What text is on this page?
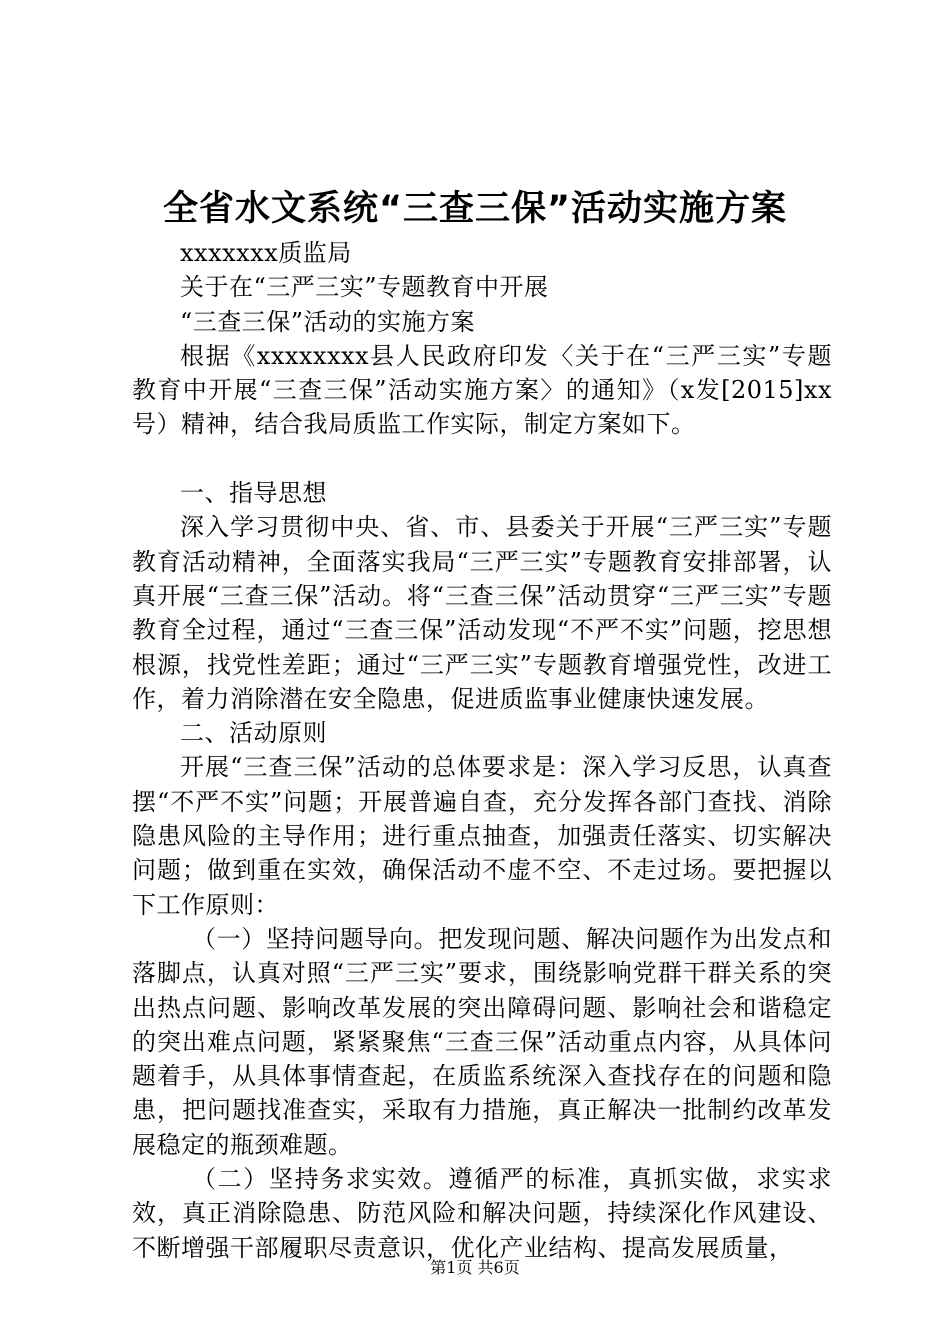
全省水文系统“三查三保”活动实施方案

xxxxxxx质监局

关于在“三严三实”专题教育中开展

“三查三保”活动的实施方案

根据《xxxxxxxx县人民政府印发〈关于在“三严三实”专题教育中开展“三查三保”活动实施方案〉的通知》（x发[2015]xx号）精神，结合我局质监工作实际，制定方案如下。

一、指导思想

深入学习贯彻中央、省、市、县委关于开展“三严三实”专题教育活动精神，全面落实我局“三严三实”专题教育安排部署，认真开展“三查三保”活动。将“三查三保”活动贯穿“三严三实”专题教育全过程，通过“三查三保”活动发现“不严不实”问题，挖思想根源，找党性差距；通过“三严三实”专题教育增强党性，改进工作，着力消除潜在安全隐患，促进质监事业健康快速发展。

二、活动原则

开展“三查三保”活动的总体要求是：深入学习反思，认真查摆“不严不实”问题；开展普遍自查，充分发挥各部门查找、消除隐患风险的主导作用；进行重点抽查，加强责任落实、切实解决问题；做到重在实效，确保活动不虚不空、不走过场。要把握以下工作原则：

（一）坚持问题导向。把发现问题、解决问题作为出发点和落脚点，认真对照“三严三实”要求，围绕影响党群干群关系的突出热点问题、影响改革发展的突出障碍问题、影响社会和谐稳定的突出难点问题，紧紧聚焦“三查三保”活动重点内容，从具体问题着手，从具体事情查起，在质监系统深入查找存在的问题和隐患，把问题找准查实，采取有力措施，真正解决一批制约改革发展稳定的瓶颈难题。

（二）坚持务求实效。遵循严的标准，真抓实做，求实求效，真正消除隐患、防范风险和解决问题，持续深化作风建设、不断增强干部履职尽责意识，优化产业结构、提高发展质量，

第1页 共6页
